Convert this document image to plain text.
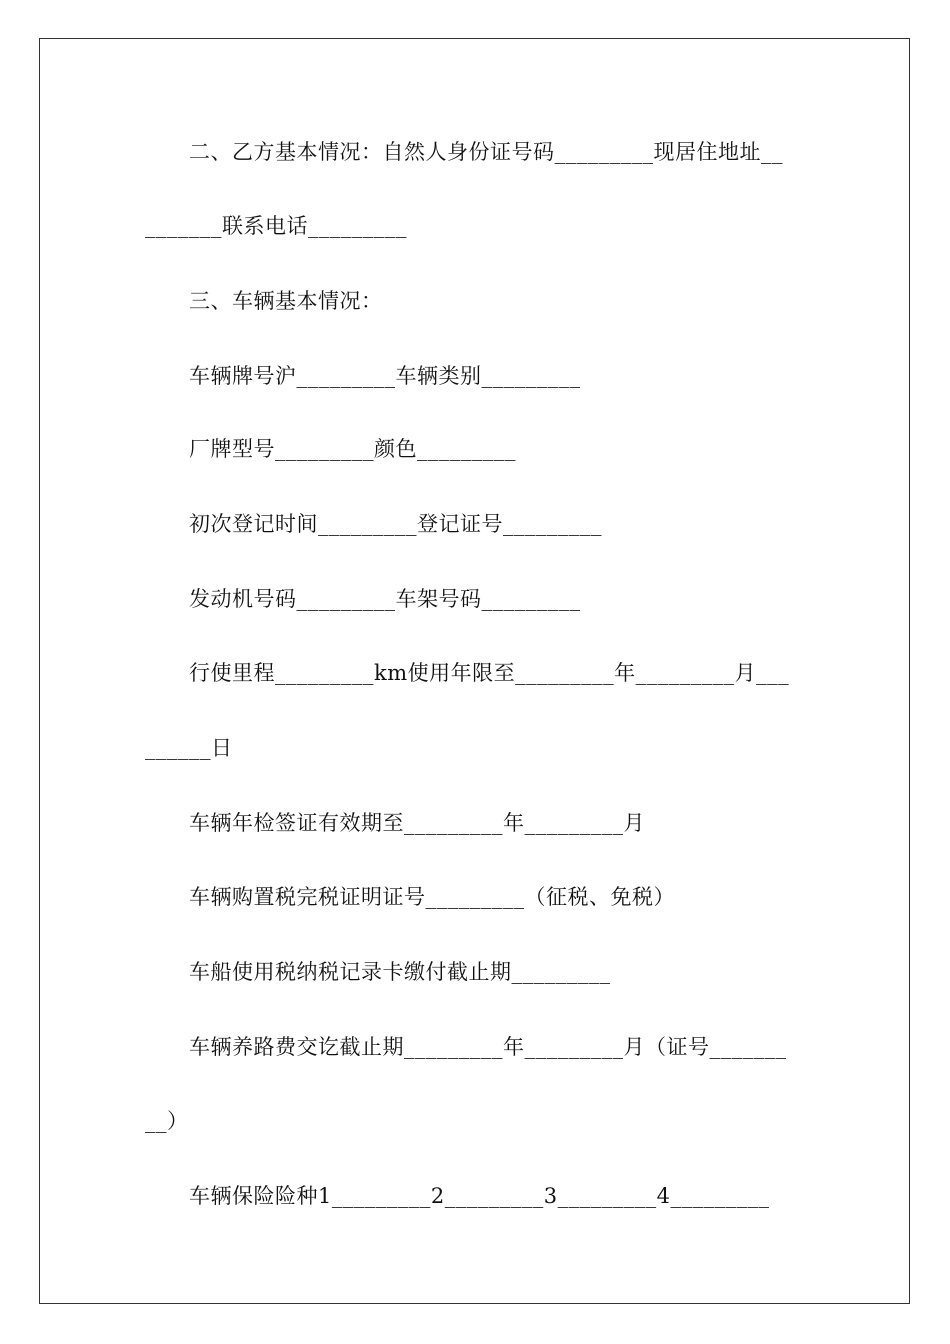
二、乙方基本情况：自然人身份证号码_________现居住地址__
_______联系电话_________
三、车辆基本情况：
车辆牌号沪_________车辆类别_________
厂牌型号_________颜色_________
初次登记时间_________登记证号_________
发动机号码_________车架号码_________
行使里程_________km使用年限至_________年_________月___
______日
车辆年检签证有效期至_________年_________月
车辆购置税完税证明证号_________（征税、免税）
车船使用税纳税记录卡缴付截止期_________
车辆养路费交讫截止期_________年_________月（证号_______
__）
车辆保险险种1_________2_________3_________4_________
